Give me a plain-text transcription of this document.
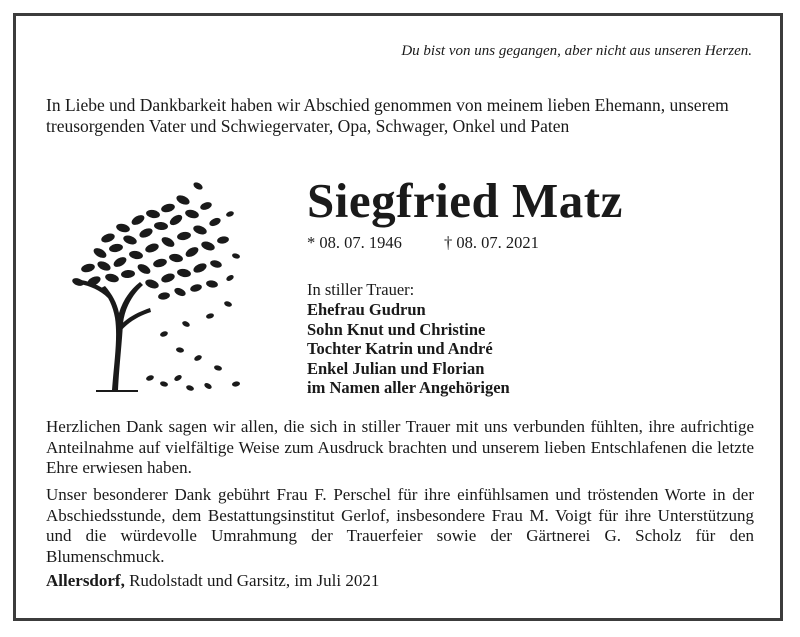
Du bist von uns gegangen, aber nicht aus unseren Herzen.
In Liebe und Dankbarkeit haben wir Abschied genommen von meinem lieben Ehemann, unserem treusorgenden Vater und Schwiegervater, Opa, Schwager, Onkel und Paten
Siegfried Matz
* 08. 07. 1946	† 08. 07. 2021
In stiller Trauer:
Ehefrau Gudrun
Sohn Knut und Christine
Tochter Katrin und André
Enkel Julian und Florian
im Namen aller Angehörigen
Herzlichen Dank sagen wir allen, die sich in stiller Trauer mit uns verbunden fühlten, ihre aufrichtige Anteilnahme auf vielfältige Weise zum Ausdruck brachten und unserem lieben Entschlafenen die letzte Ehre erwiesen haben.
Unser besonderer Dank gebührt Frau F. Perschel für ihre einfühlsamen und tröstenden Worte in der Abschiedsstunde, dem Bestattungsinstitut Gerlof, insbesondere Frau M. Voigt für ihre Unterstützung und die würdevolle Umrahmung der Trauerfeier sowie der Gärtnerei G. Scholz für den Blumenschmuck.
Allersdorf, Rudolstadt und Garsitz, im Juli 2021
